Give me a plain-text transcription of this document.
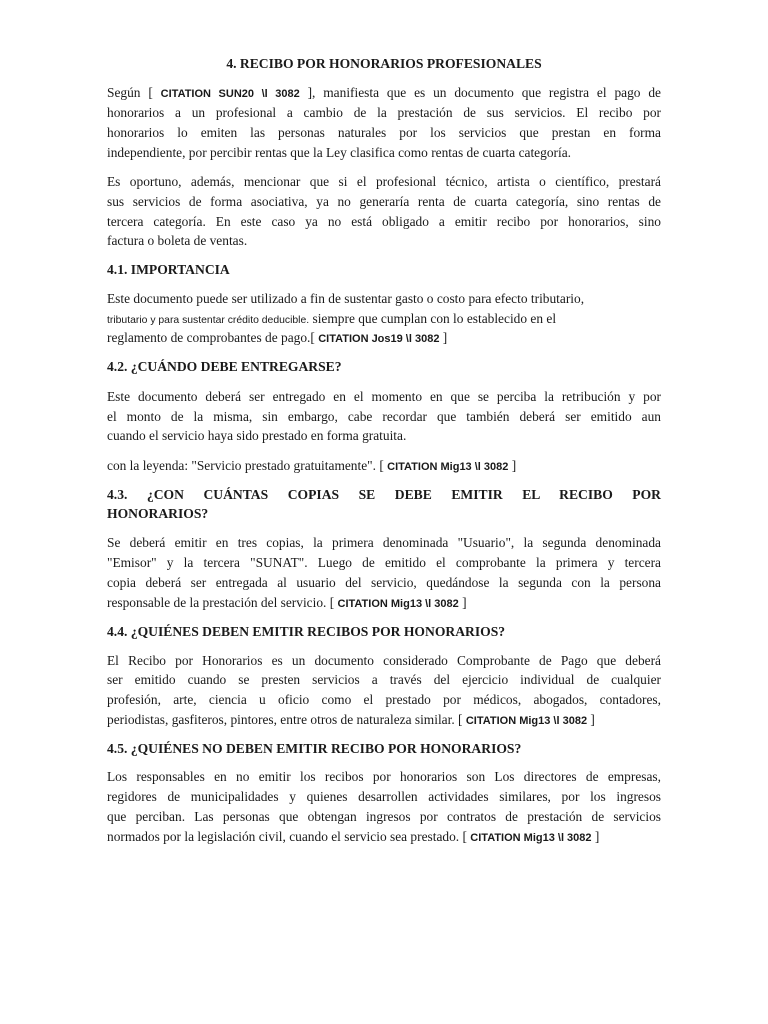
4. RECIBO POR HONORARIOS PROFESIONALES
Según [ CITATION SUN20 \l 3082 ], manifiesta que es un documento que registra el pago de
honorarios a un profesional a cambio de la prestación de sus servicios. El recibo por
honorarios lo emiten las personas naturales por los servicios que prestan en forma
independiente, por percibir rentas que la Ley clasifica como rentas de cuarta categoría.
Es oportuno, además, mencionar que si el profesional técnico, artista o científico, prestará
sus servicios de forma asociativa, ya no generaría renta de cuarta categoría, sino rentas de
tercera categoría. En este caso ya no está obligado a emitir recibo por honorarios, sino
factura o boleta de ventas.
4.1. IMPORTANCIA
Este documento puede ser utilizado a fin de sustentar gasto o costo para efecto tributario,
tributario y para sustentar crédito deducible. siempre que cumplan con lo establecido en el
reglamento de comprobantes de pago.[ CITATION Jos19 \l 3082 ]
4.2. ¿CUÁNDO DEBE ENTREGARSE?
Este documento deberá ser entregado en el momento en que se perciba la retribución y por
el monto de la misma, sin embargo, cabe recordar que también deberá ser emitido aun
cuando el servicio haya sido prestado en forma gratuita.
con la leyenda: "Servicio prestado gratuitamente". [ CITATION Mig13 \l 3082 ]
4.3. ¿CON CUÁNTAS COPIAS SE DEBE EMITIR EL RECIBO POR
HONORARIOS?
Se deberá emitir en tres copias, la primera denominada "Usuario", la segunda denominada
"Emisor" y la tercera "SUNAT". Luego de emitido el comprobante la primera y tercera
copia deberá ser entregada al usuario del servicio, quedándose la segunda con la persona
responsable de la prestación del servicio. [ CITATION Mig13 \l 3082 ]
4.4. ¿QUIÉNES DEBEN EMITIR RECIBOS POR HONORARIOS?
El Recibo por Honorarios es un documento considerado Comprobante de Pago que deberá
ser emitido cuando se presten servicios a través del ejercicio individual de cualquier
profesión, arte, ciencia u oficio como el prestado por médicos, abogados, contadores,
periodistas, gasfiteros, pintores, entre otros de naturaleza similar. [ CITATION Mig13 \l 3082 ]
4.5. ¿QUIÉNES NO DEBEN EMITIR RECIBO POR HONORARIOS?
Los responsables en no emitir los recibos por honorarios son Los directores de empresas,
regidores de municipalidades y quienes desarrollen actividades similares, por los ingresos
que perciban. Las personas que obtengan ingresos por contratos de prestación de servicios
normados por la legislación civil, cuando el servicio sea prestado. [ CITATION Mig13 \l 3082 ]
